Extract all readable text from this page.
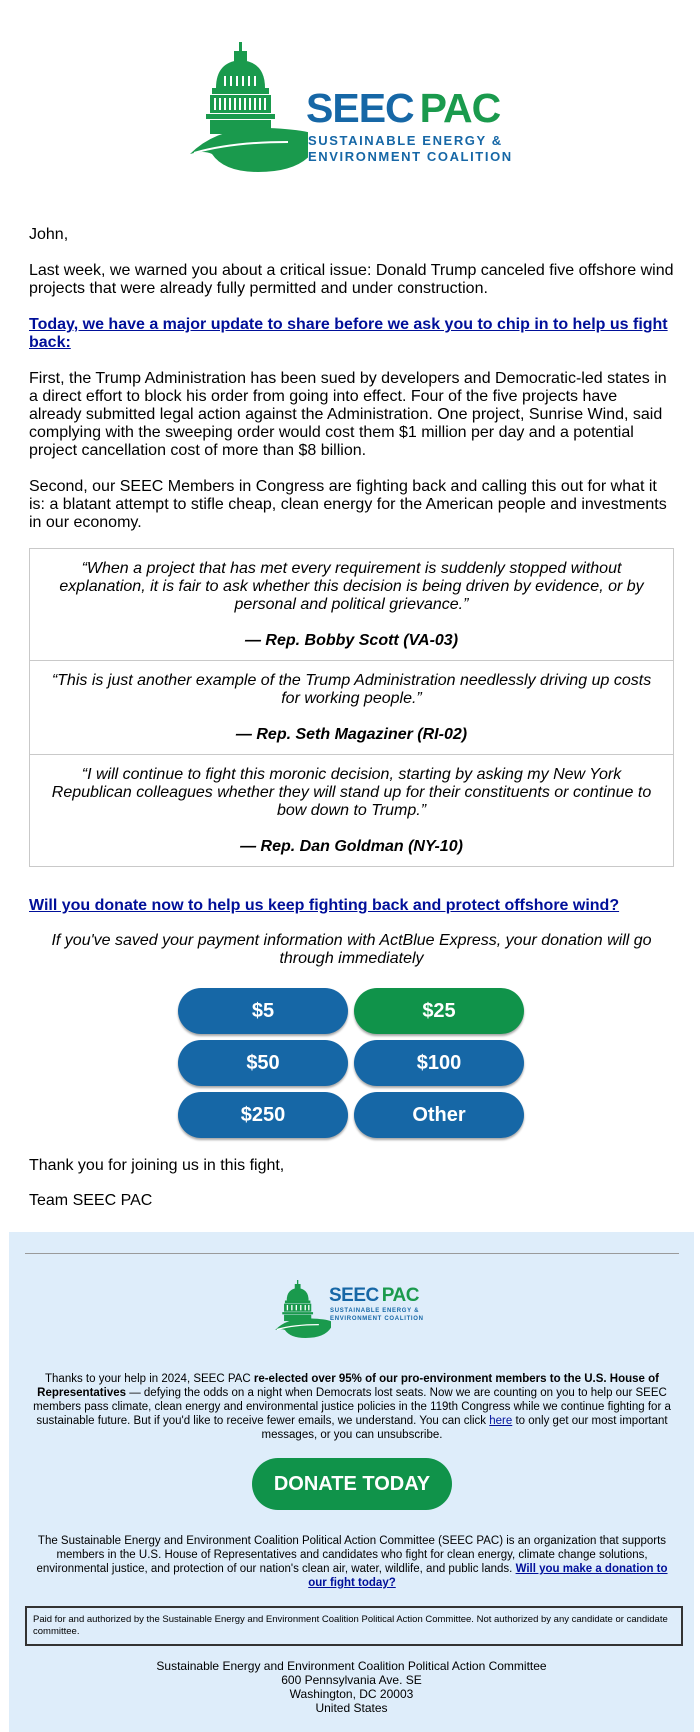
SEEC PAC
SUSTAINABLE ENERGY &
ENVIRONMENT COALITION

John,

Last week, we warned you about a critical issue: Donald Trump canceled five offshore wind projects that were already fully permitted and under construction.

Today, we have a major update to share before we ask you to chip in to help us fight back:

First, the Trump Administration has been sued by developers and Democratic-led states in a direct effort to block his order from going into effect. Four of the five projects have already submitted legal action against the Administration. One project, Sunrise Wind, said complying with the sweeping order would cost them $1 million per day and a potential project cancellation cost of more than $8 billion.

Second, our SEEC Members in Congress are fighting back and calling this out for what it is: a blatant attempt to stifle cheap, clean energy for the American people and investments in our economy.

“When a project that has met every requirement is suddenly stopped without explanation, it is fair to ask whether this decision is being driven by evidence, or by personal and political grievance.”

— Rep. Bobby Scott (VA-03)

“This is just another example of the Trump Administration needlessly driving up costs for working people.”

— Rep. Seth Magaziner (RI-02)

“I will continue to fight this moronic decision, starting by asking my New York Republican colleagues whether they will stand up for their constituents or continue to bow down to Trump.”

— Rep. Dan Goldman (NY-10)

Will you donate now to help us keep fighting back and protect offshore wind?
If you've saved your payment information with ActBlue Express, your donation will go through immediately
$5	$25
$50	$100
$250	Other
Thank you for joining us in this fight,
Team SEEC PAC
SEEC PAC
SUSTAINABLE ENERGY &
ENVIRONMENT COALITION
Thanks to your help in 2024, SEEC PAC re-elected over 95% of our pro-environment members to the U.S. House of Representatives — defying the odds on a night when Democrats lost seats. Now we are counting on you to help our SEEC members pass climate, clean energy and environmental justice policies in the 119th Congress while we continue fighting for a sustainable future. But if you'd like to receive fewer emails, we understand. You can click here to only get our most important messages, or you can unsubscribe.
DONATE TODAY
The Sustainable Energy and Environment Coalition Political Action Committee (SEEC PAC) is an organization that supports members in the U.S. House of Representatives and candidates who fight for clean energy, climate change solutions, environmental justice, and protection of our nation's clean air, water, wildlife, and public lands. Will you make a donation to our fight today?
Paid for and authorized by the Sustainable Energy and Environment Coalition Political Action Committee. Not authorized by any candidate or candidate committee.
Sustainable Energy and Environment Coalition Political Action Committee
600 Pennsylvania Ave. SE
Washington, DC 20003
United States
